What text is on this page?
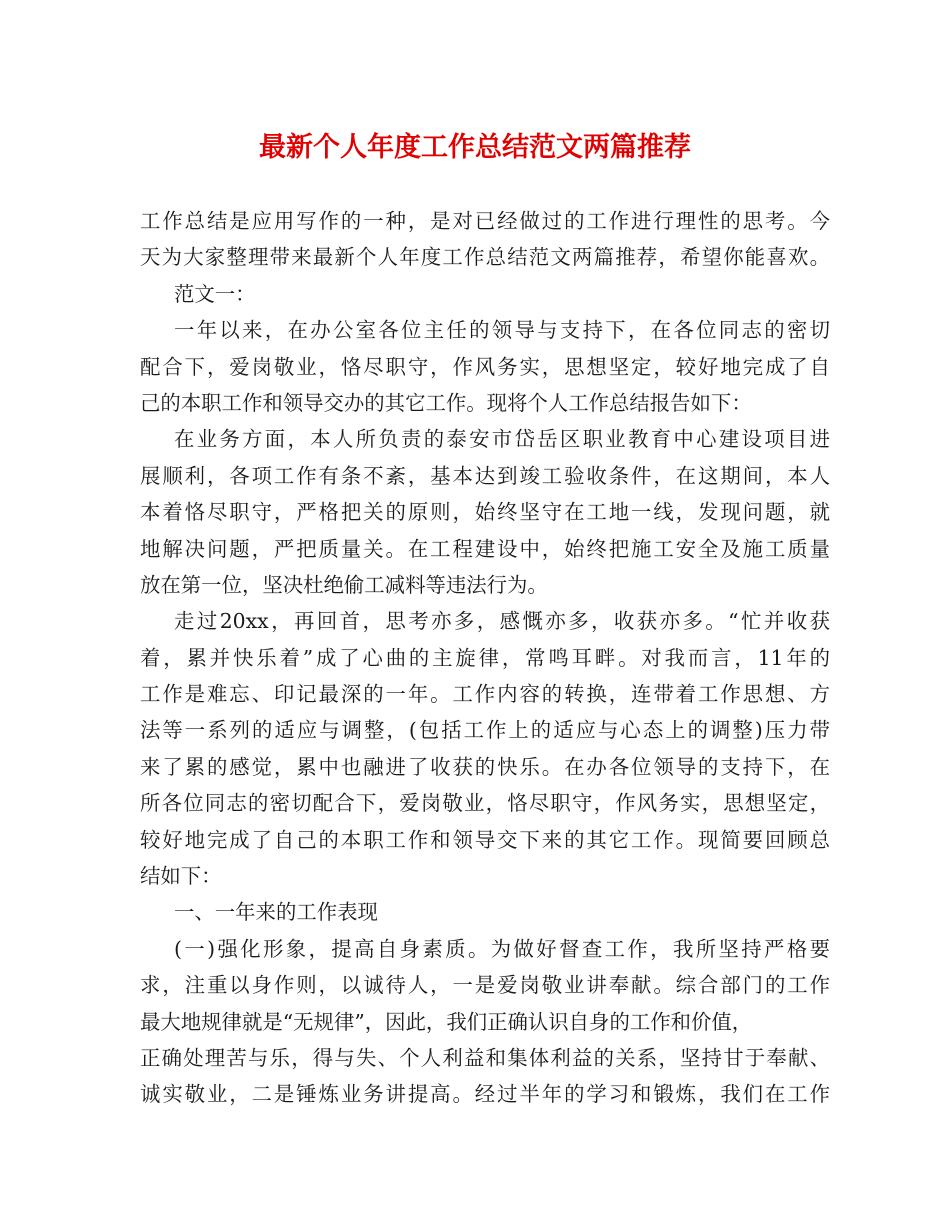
最新个人年度工作总结范文两篇推荐
工作总结是应用写作的一种，是对已经做过的工作进行理性的思考。今
天为大家整理带来最新个人年度工作总结范文两篇推荐，希望你能喜欢。
范文一：
一年以来，在办公室各位主任的领导与支持下，在各位同志的密切
配合下，爱岗敬业，恪尽职守，作风务实，思想坚定，较好地完成了自
己的本职工作和领导交办的其它工作。现将个人工作总结报告如下：
在业务方面，本人所负责的泰安市岱岳区职业教育中心建设项目进
展顺利，各项工作有条不紊，基本达到竣工验收条件，在这期间，本人
本着恪尽职守，严格把关的原则，始终坚守在工地一线，发现问题，就
地解决问题，严把质量关。在工程建设中，始终把施工安全及施工质量
放在第一位，坚决杜绝偷工减料等违法行为。
走过20xx，再回首，思考亦多，感慨亦多，收获亦多。“忙并收获
着，累并快乐着”成了心曲的主旋律，常鸣耳畔。对我而言，11年的
工作是难忘、印记最深的一年。工作内容的转换，连带着工作思想、方
法等一系列的适应与调整，(包括工作上的适应与心态上的调整)压力带
来了累的感觉，累中也融进了收获的快乐。在办各位领导的支持下，在
所各位同志的密切配合下，爱岗敬业，恪尽职守，作风务实，思想坚定，
较好地完成了自己的本职工作和领导交下来的其它工作。现简要回顾总
结如下：
一、一年来的工作表现
(一)强化形象，提高自身素质。为做好督查工作，我所坚持严格要
求，注重以身作则，以诚待人，一是爱岗敬业讲奉献。综合部门的工作
最大地规律就是“无规律”，因此，我们正确认识自身的工作和价值，
正确处理苦与乐，得与失、个人利益和集体利益的关系，坚持甘于奉献、
诚实敬业，二是锤炼业务讲提高。经过半年的学习和锻炼，我们在工作
